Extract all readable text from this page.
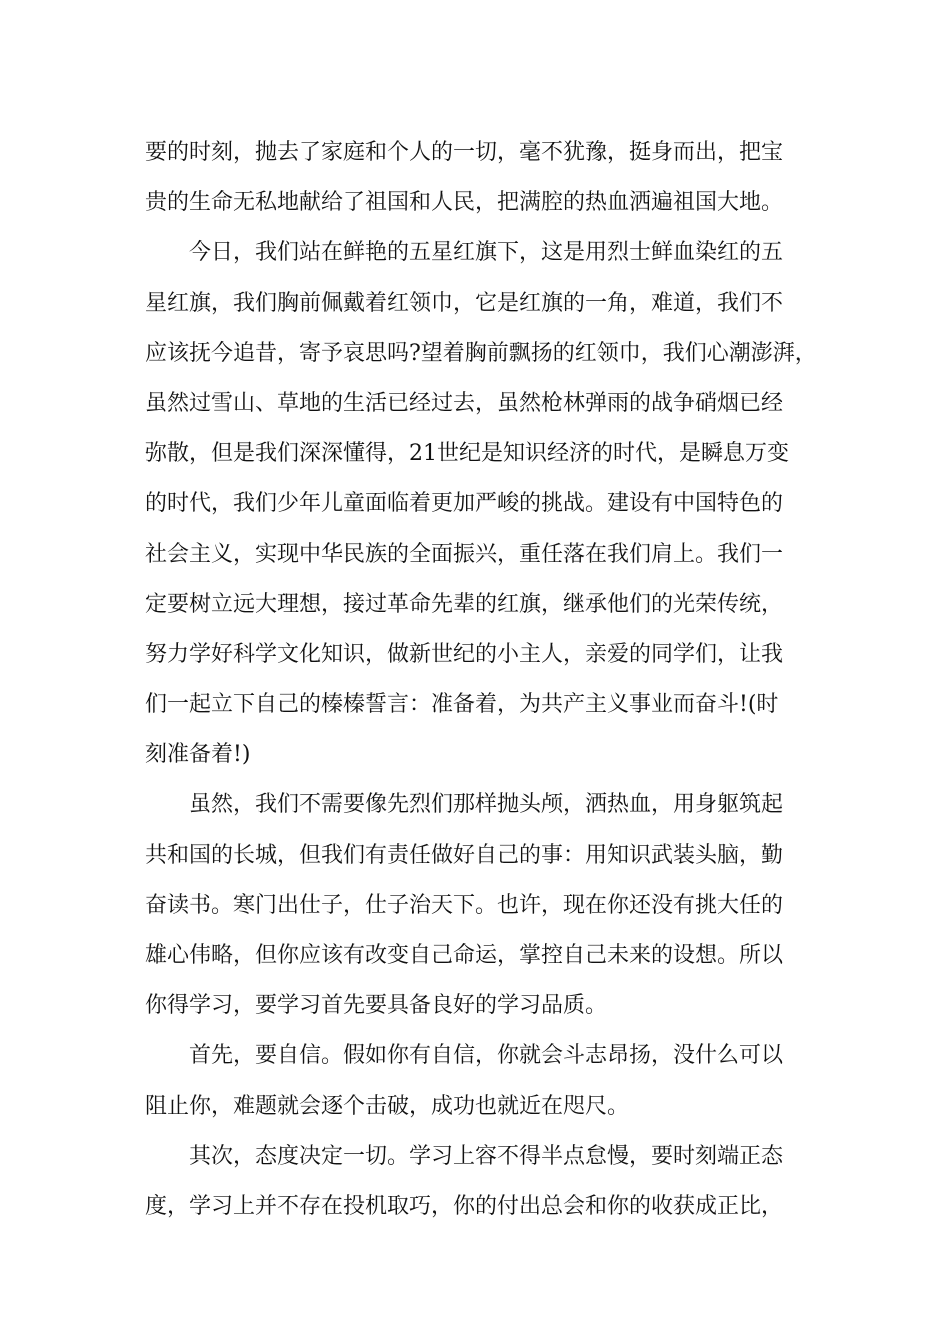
要的时刻，抛去了家庭和个人的一切，毫不犹豫，挺身而出，把宝
贵的生命无私地献给了祖国和人民，把满腔的热血洒遍祖国大地。
今日，我们站在鲜艳的五星红旗下，这是用烈士鲜血染红的五
星红旗，我们胸前佩戴着红领巾，它是红旗的一角，难道，我们不
应该抚今追昔，寄予哀思吗?望着胸前飘扬的红领巾，我们心潮澎湃，
虽然过雪山、草地的生活已经过去，虽然枪林弹雨的战争硝烟已经
弥散，但是我们深深懂得，21世纪是知识经济的时代，是瞬息万变
的时代，我们少年儿童面临着更加严峻的挑战。建设有中国特色的
社会主义，实现中华民族的全面振兴，重任落在我们肩上。我们一
定要树立远大理想，接过革命先辈的红旗，继承他们的光荣传统，
努力学好科学文化知识，做新世纪的小主人，亲爱的同学们，让我
们一起立下自己的榛榛誓言：准备着，为共产主义事业而奋斗!(时
刻准备着!)
虽然，我们不需要像先烈们那样抛头颅，洒热血，用身躯筑起
共和国的长城，但我们有责任做好自己的事：用知识武装头脑，勤
奋读书。寒门出仕子，仕子治天下。也许，现在你还没有挑大任的
雄心伟略，但你应该有改变自己命运，掌控自己未来的设想。所以
你得学习，要学习首先要具备良好的学习品质。
首先，要自信。假如你有自信，你就会斗志昂扬，没什么可以
阻止你，难题就会逐个击破，成功也就近在咫尺。
其次，态度决定一切。学习上容不得半点怠慢，要时刻端正态
度，学习上并不存在投机取巧，你的付出总会和你的收获成正比，
